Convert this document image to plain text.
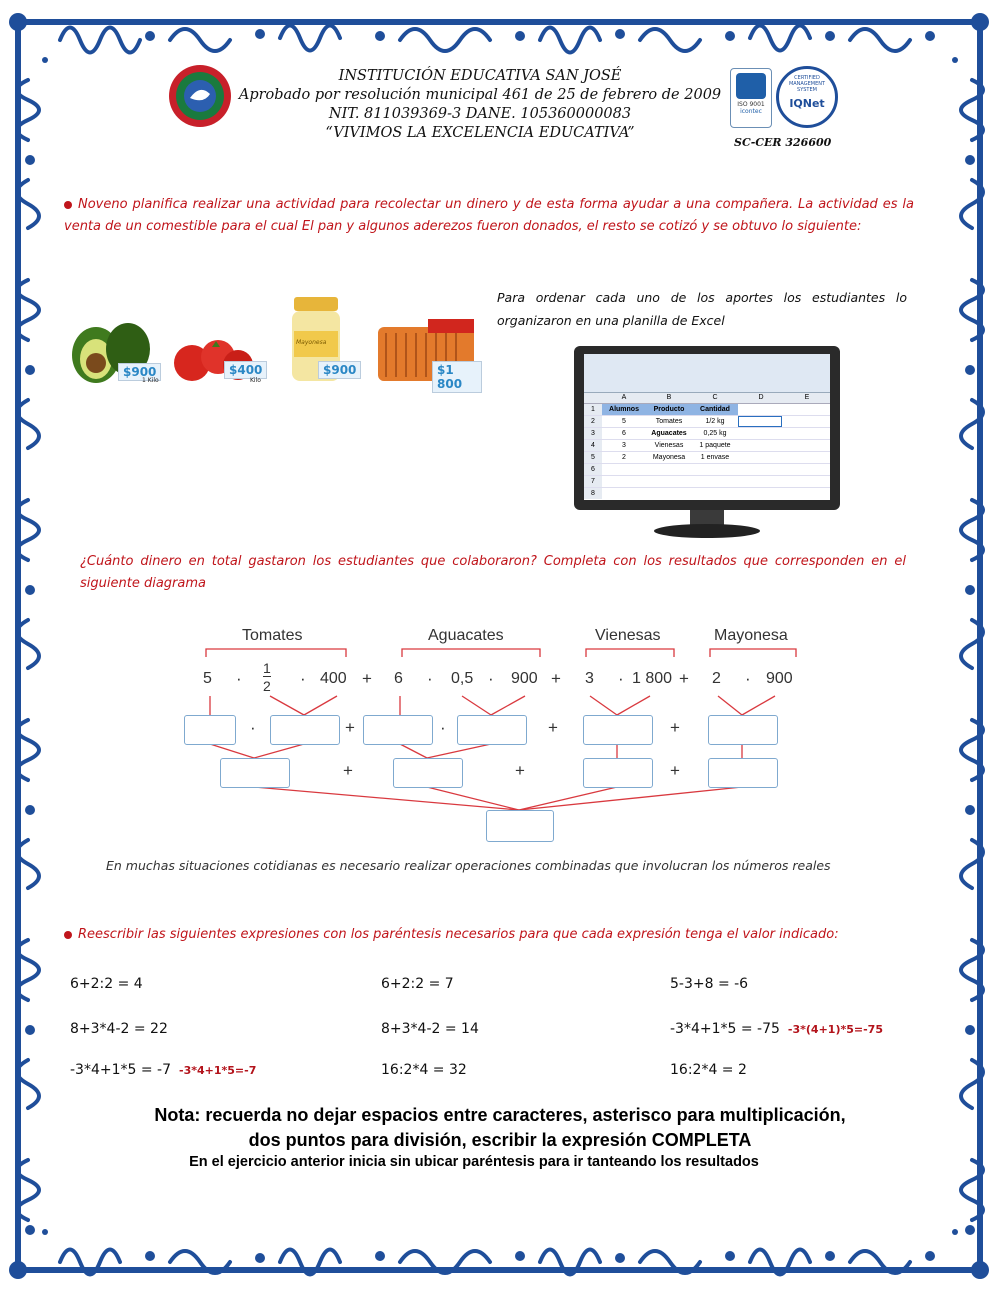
INSTITUCIÓN EDUCATIVA SAN JOSÉ
Aprobado por resolución municipal 461 de 25 de febrero de 2009
NIT. 811039369-3 DANE. 105360000083
“VIVIMOS LA EXCELENCIA EDUCATIVA”
ISO 9001
icontec
CERTIFIED MANAGEMENT SYSTEM
IQNet
SC-CER 326600
Noveno planifica realizar una actividad para recolectar un dinero y de esta forma ayudar a una compañera. La actividad es la venta de un comestible para el cual El pan y algunos aderezos fueron donados, el resto se cotizó y se obtuvo lo siguiente:
$900
1 Kilo
$400
Kilo
Mayonesa
$900	$1 800
Para ordenar cada uno de los aportes los estudiantes lo organizaron en una planilla de Excel
A	B	C	D	E
1	Alumnos	Producto	Cantidad
2	5	Tomates	1/2 kg
3	6	Aguacates	0,25 kg
4	3	Vienesas	1 paquete
5	2	Mayonesa	1 envase
6
7
8
¿Cuánto dinero en total gastaron los estudiantes que colaboraron? Completa con los resultados que corresponden en el siguiente diagrama
Tomates	Aguacates	Vienesas	Mayonesa
5 ·
1
2 · 400 + 6 · 0,5 · 900 + 3 · 1 800 + 2 · 900
·	+	·	+	+
+	+	+
En muchas situaciones cotidianas es necesario realizar operaciones combinadas que involucran los números reales
Reescribir las siguientes expresiones con los paréntesis necesarios para que cada expresión tenga el valor indicado:
6+2:2 = 4	6+2:2 = 7	5-3+8 = -6
8+3*4-2 = 22	8+3*4-2 = 14	-3*4+1*5 = -75 -3*(4+1)*5=-75
-3*4+1*5 = -7 -3*4+1*5=-7	16:2*4 = 32	16:2*4 = 2
Nota: recuerda no dejar espacios entre caracteres, asterisco para multiplicación,
dos puntos para división, escribir la expresión COMPLETA
En el ejercicio anterior inicia sin ubicar paréntesis para ir tanteando los resultados
